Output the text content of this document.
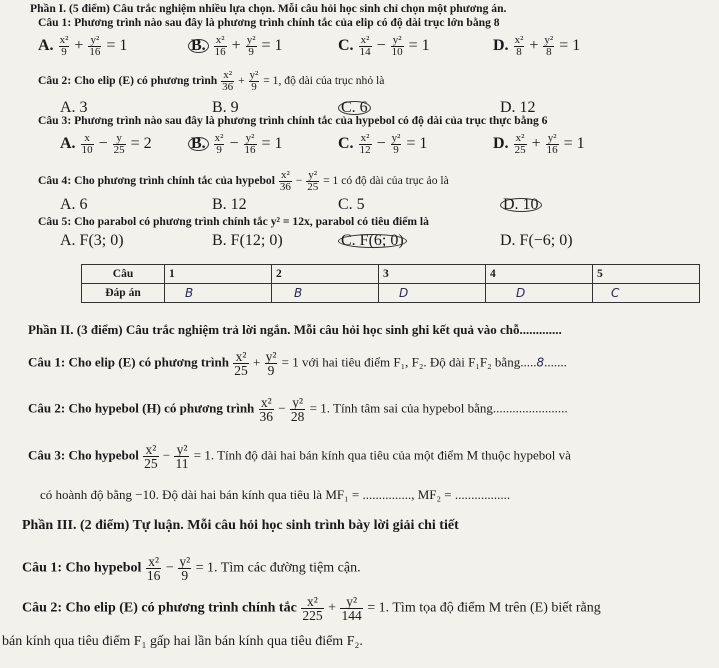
Phần I. (5 điểm) Câu trắc nghiệm nhiều lựa chọn. Mỗi câu hỏi học sinh chỉ chọn một phương án.
Câu 1: Phương trình nào sau đây là phương trình chính tắc của elip có độ dài trục lớn bằng 8
A. $\frac{\text{x²}}{9} + \frac{\text{y²}}{16} = 1$	B. $\frac{\text{x²}}{16} + \frac{\text{y²}}{9} = 1$	C. $\frac{\text{x²}}{14} - \frac{\text{y²}}{10} = 1$	D. $\frac{\text{x²}}{8} + \frac{\text{y²}}{8} = 1$
Câu 2: Cho elip (E) có phương trình $\frac{\text{x²}}{36} + \frac{\text{y²}}{9} = 1$, độ dài của trục nhỏ là
A. 3	B. 9	C. 6	D. 12
Câu 3: Phương trình nào sau đây là phương trình chính tắc của hypebol có độ dài của trục thực bằng 6
A. $\frac{x}{10} - \frac{y}{25} = 2$ B. $\frac{\text{x²}}{9} - \frac{\text{y²}}{16} = 1$	C. $\frac{\text{x²}}{12} - \frac{\text{y²}}{9} = 1$	D. $\frac{\text{x²}}{25} + \frac{\text{y²}}{16} = 1$
Câu 4: Cho phương trình chính tắc của hypebol $\frac{\text{x²}}{36} - \frac{\text{y²}}{25} = 1$ có độ dài của trục ảo là
A. 6	B. 12	C. 5	D. 10
Câu 5: Cho parabol có phương trình chính tắc y² = 12x, parabol có tiêu điểm là
A. F(3; 0)	B. F(12; 0)	C. F(6; 0)	D. F(−6; 0)
Câu	1	2	3	4	5
Đáp án	B	B	D	D	C
Phần II. (3 điểm) Câu trắc nghiệm trả lời ngắn. Mỗi câu hỏi học sinh ghi kết quả vào chỗ.............
Câu 1: Cho elip (E) có phương trình $\frac{\text{x²}}{25} + \frac{\text{y²}}{9} = 1$ với hai tiêu điểm F₁, F₂. Độ dài F₁F₂ bằng.....8.......
Câu 2: Cho hypebol (H) có phương trình $\frac{\text{x²}}{36} - \frac{\text{y²}}{28} = 1$. Tính tâm sai của hypebol bằng.......................
Câu 3: Cho hypebol $\frac{\text{x²}}{25} - \frac{\text{y²}}{11} = 1$. Tính độ dài hai bán kính qua tiêu của một điểm M thuộc hypebol và
có hoành độ bằng −10. Độ dài hai bán kính qua tiêu là MF₁ = ..............., MF₂ = .................
Phần III. (2 điểm) Tự luận. Mỗi câu hỏi học sinh trình bày lời giải chi tiết
Câu 1: Cho hypebol $\frac{\text{x²}}{16} - \frac{\text{y²}}{9} = 1$. Tìm các đường tiệm cận.
Câu 2: Cho elip (E) có phương trình chính tắc $\frac{\text{x²}}{225} + \frac{\text{y²}}{144} = 1$. Tìm tọa độ điểm M trên (E) biết rằng
bán kính qua tiêu điểm F₁ gấp hai lần bán kính qua tiêu điểm F₂.
